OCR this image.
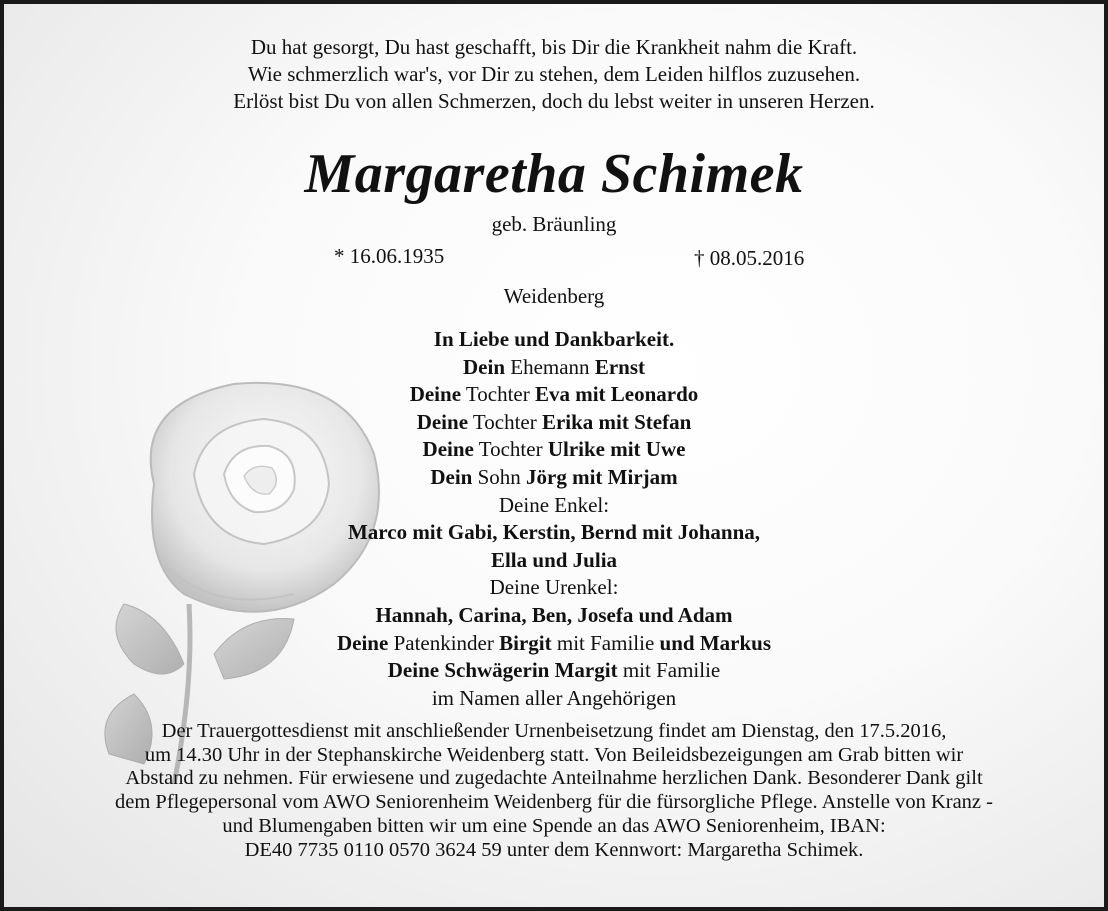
Du hat gesorgt, Du hast geschafft, bis Dir die Krankheit nahm die Kraft.
Wie schmerzlich war's, vor Dir zu stehen, dem Leiden hilflos zuzusehen.
Erlöst bist Du von allen Schmerzen, doch du lebst weiter in unseren Herzen.
Margaretha Schimek
geb. Bräunling
* 16.06.1935	† 08.05.2016
Weidenberg
In Liebe und Dankbarkeit.
Dein Ehemann Ernst
Deine Tochter Eva mit Leonardo
Deine Tochter Erika mit Stefan
Deine Tochter Ulrike mit Uwe
Dein Sohn Jörg mit Mirjam
Deine Enkel:
Marco mit Gabi, Kerstin, Bernd mit Johanna,
Ella und Julia
Deine Urenkel:
Hannah, Carina, Ben, Josefa und Adam
Deine Patenkinder Birgit mit Familie und Markus
Deine Schwägerin Margit mit Familie
im Namen aller Angehörigen
Der Trauergottesdienst mit anschließender Urnenbeisetzung findet am Dienstag, den 17.5.2016,
um 14.30 Uhr in der Stephanskirche Weidenberg statt. Von Beileidsbezeigungen am Grab bitten wir
Abstand zu nehmen. Für erwiesene und zugedachte Anteilnahme herzlichen Dank. Besonderer Dank gilt
dem Pflegepersonal vom AWO Seniorenheim Weidenberg für die fürsorgliche Pflege. Anstelle von Kranz -
und Blumengaben bitten wir um eine Spende an das AWO Seniorenheim, IBAN:
DE40 7735 0110 0570 3624 59 unter dem Kennwort: Margaretha Schimek.
